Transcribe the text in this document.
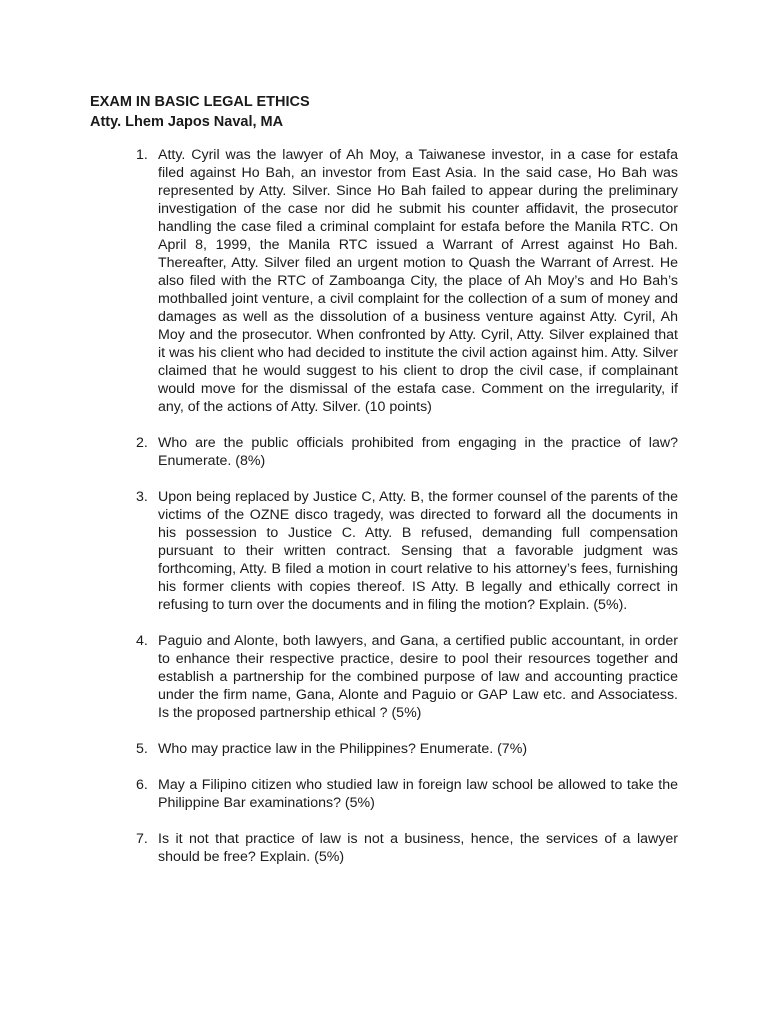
EXAM IN BASIC LEGAL ETHICS
Atty. Lhem Japos Naval, MA
1. Atty. Cyril was the lawyer of Ah Moy, a Taiwanese investor, in a case for estafa filed against Ho Bah, an investor from East Asia. In the said case, Ho Bah was represented by Atty. Silver. Since Ho Bah failed to appear during the preliminary investigation of the case nor did he submit his counter affidavit, the prosecutor handling the case filed a criminal complaint for estafa before the Manila RTC. On April 8, 1999, the Manila RTC issued a Warrant of Arrest against Ho Bah. Thereafter, Atty. Silver filed an urgent motion to Quash the Warrant of Arrest. He also filed with the RTC of Zamboanga City, the place of Ah Moy’s and Ho Bah’s mothballed joint venture, a civil complaint for the collection of a sum of money and damages as well as the dissolution of a business venture against Atty. Cyril, Ah Moy and the prosecutor. When confronted by Atty. Cyril, Atty. Silver explained that it was his client who had decided to institute the civil action against him. Atty. Silver claimed that he would suggest to his client to drop the civil case, if complainant would move for the dismissal of the estafa case. Comment on the irregularity, if any, of the actions of Atty. Silver. (10 points)
2. Who are the public officials prohibited from engaging in the practice of law? Enumerate. (8%)
3. Upon being replaced by Justice C, Atty. B, the former counsel of the parents of the victims of the OZNE disco tragedy, was directed to forward all the documents in his possession to Justice C. Atty. B refused, demanding full compensation pursuant to their written contract. Sensing that a favorable judgment was forthcoming, Atty. B filed a motion in court relative to his attorney’s fees, furnishing his former clients with copies thereof. IS Atty. B legally and ethically correct in refusing to turn over the documents and in filing the motion? Explain. (5%).
4. Paguio and Alonte, both lawyers, and Gana, a certified public accountant, in order to enhance their respective practice, desire to pool their resources together and establish a partnership for the combined purpose of law and accounting practice under the firm name, Gana, Alonte and Paguio or GAP Law etc. and Associatess. Is the proposed partnership ethical ? (5%)
5. Who may practice law in the Philippines? Enumerate. (7%)
6. May a Filipino citizen who studied law in foreign law school be allowed to take the Philippine Bar examinations? (5%)
7. Is it not that practice of law is not a business, hence, the services of a lawyer should be free? Explain. (5%)
